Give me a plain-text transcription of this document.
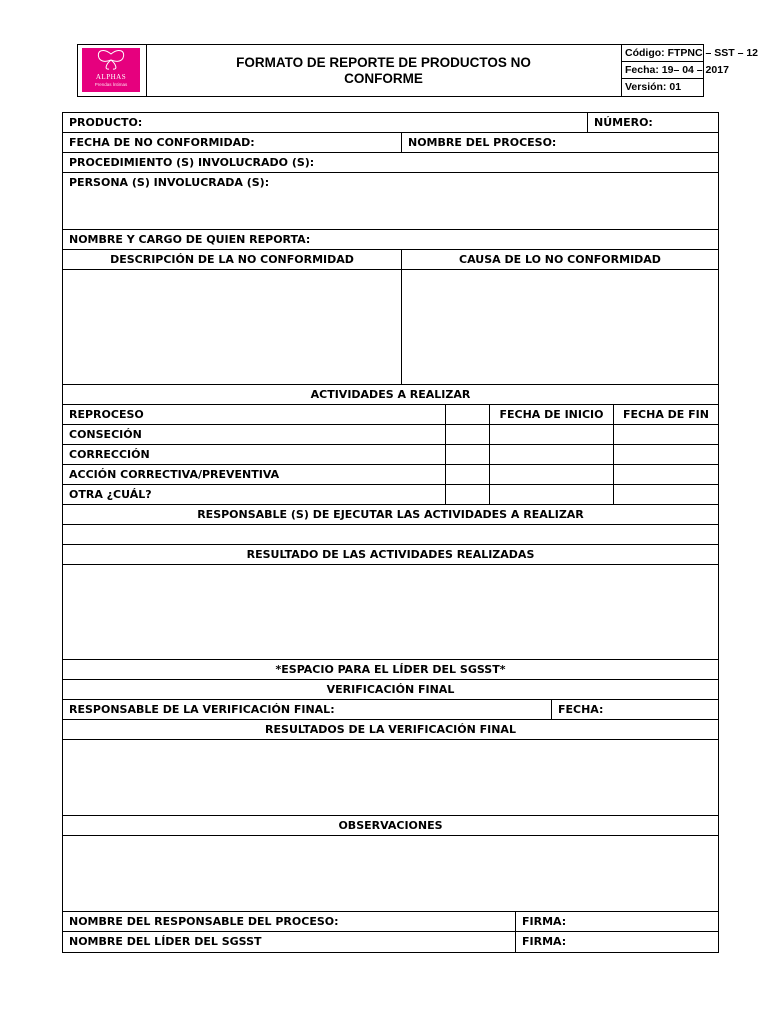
ALPHAS
Prendas Íntimas
FORMATO DE REPORTE DE PRODUCTOS NO CONFORME
Código: FTPNC – SST – 12
Fecha: 19– 04 – 2017
Versión: 01
PRODUCTO:	NÚMERO:
FECHA DE NO CONFORMIDAD:	NOMBRE DEL PROCESO:
PROCEDIMIENTO (S) INVOLUCRADO (S):
PERSONA (S) INVOLUCRADA (S):
NOMBRE Y CARGO DE QUIEN REPORTA:
DESCRIPCIÓN DE LA NO CONFORMIDAD	CAUSA DE LO NO CONFORMIDAD
ACTIVIDADES A REALIZAR
REPROCESO	FECHA DE INICIO	FECHA DE FIN
CONSECIÓN
CORRECCIÓN
ACCIÓN CORRECTIVA/PREVENTIVA
OTRA ¿CUÁL?
RESPONSABLE (S) DE EJECUTAR LAS ACTIVIDADES A REALIZAR
RESULTADO DE LAS ACTIVIDADES REALIZADAS
*ESPACIO PARA EL LÍDER DEL SGSST*
VERIFICACIÓN FINAL
RESPONSABLE DE LA VERIFICACIÓN FINAL:	FECHA:
RESULTADOS DE LA VERIFICACIÓN FINAL
OBSERVACIONES
NOMBRE DEL RESPONSABLE DEL PROCESO:	FIRMA:
NOMBRE DEL LÍDER DEL SGSST	FIRMA:
